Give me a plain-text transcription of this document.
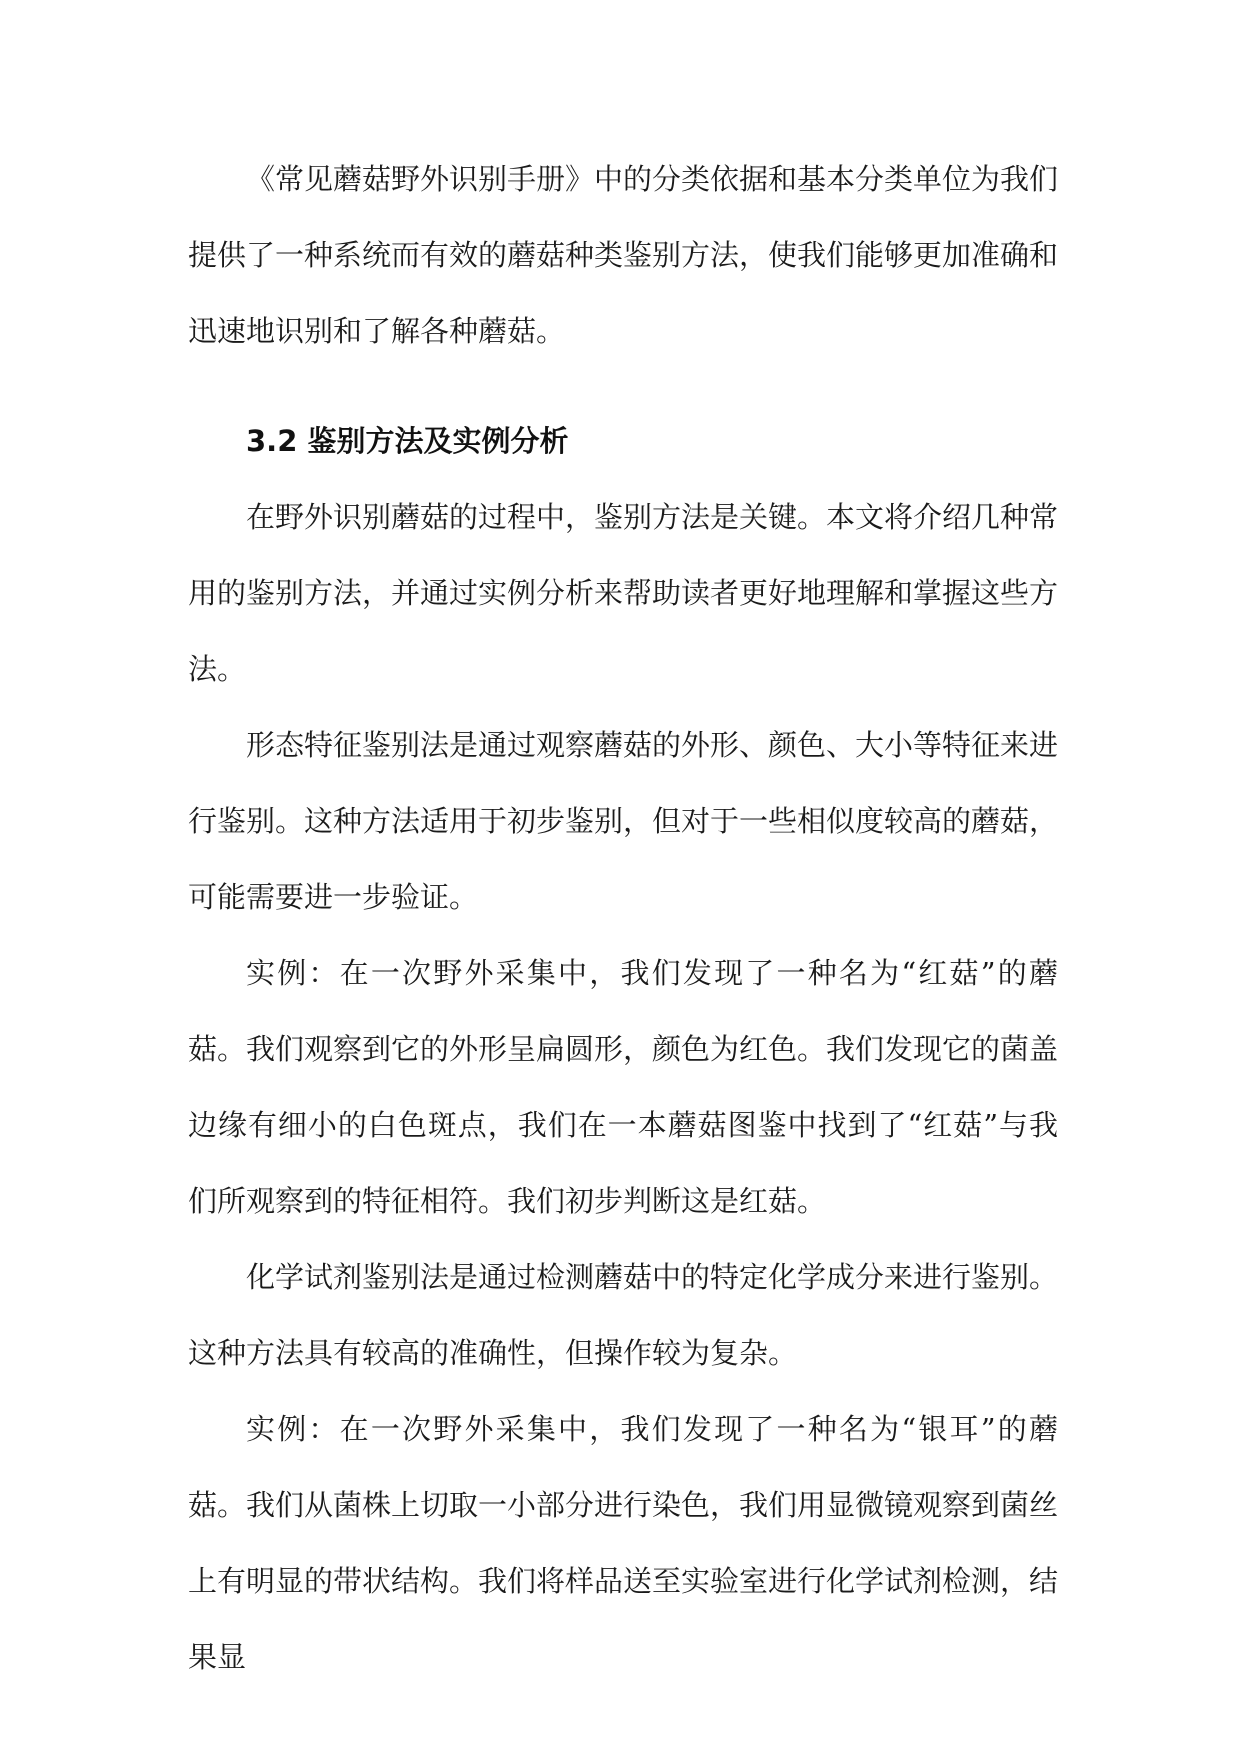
《常见蘑菇野外识别手册》中的分类依据和基本分类单位为我们提供了一种系统而有效的蘑菇种类鉴别方法，使我们能够更加准确和迅速地识别和了解各种蘑菇。

3.2 鉴别方法及实例分析

在野外识别蘑菇的过程中，鉴别方法是关键。本文将介绍几种常用的鉴别方法，并通过实例分析来帮助读者更好地理解和掌握这些方法。

形态特征鉴别法是通过观察蘑菇的外形、颜色、大小等特征来进行鉴别。这种方法适用于初步鉴别，但对于一些相似度较高的蘑菇，可能需要进一步验证。

实例：在一次野外采集中，我们发现了一种名为“红菇”的蘑菇。我们观察到它的外形呈扁圆形，颜色为红色。我们发现它的菌盖边缘有细小的白色斑点，我们在一本蘑菇图鉴中找到了“红菇”与我们所观察到的特征相符。我们初步判断这是红菇。

化学试剂鉴别法是通过检测蘑菇中的特定化学成分来进行鉴别。这种方法具有较高的准确性，但操作较为复杂。

实例：在一次野外采集中，我们发现了一种名为“银耳”的蘑菇。我们从菌株上切取一小部分进行染色，我们用显微镜观察到菌丝上有明显的带状结构。我们将样品送至实验室进行化学试剂检测，结果显
